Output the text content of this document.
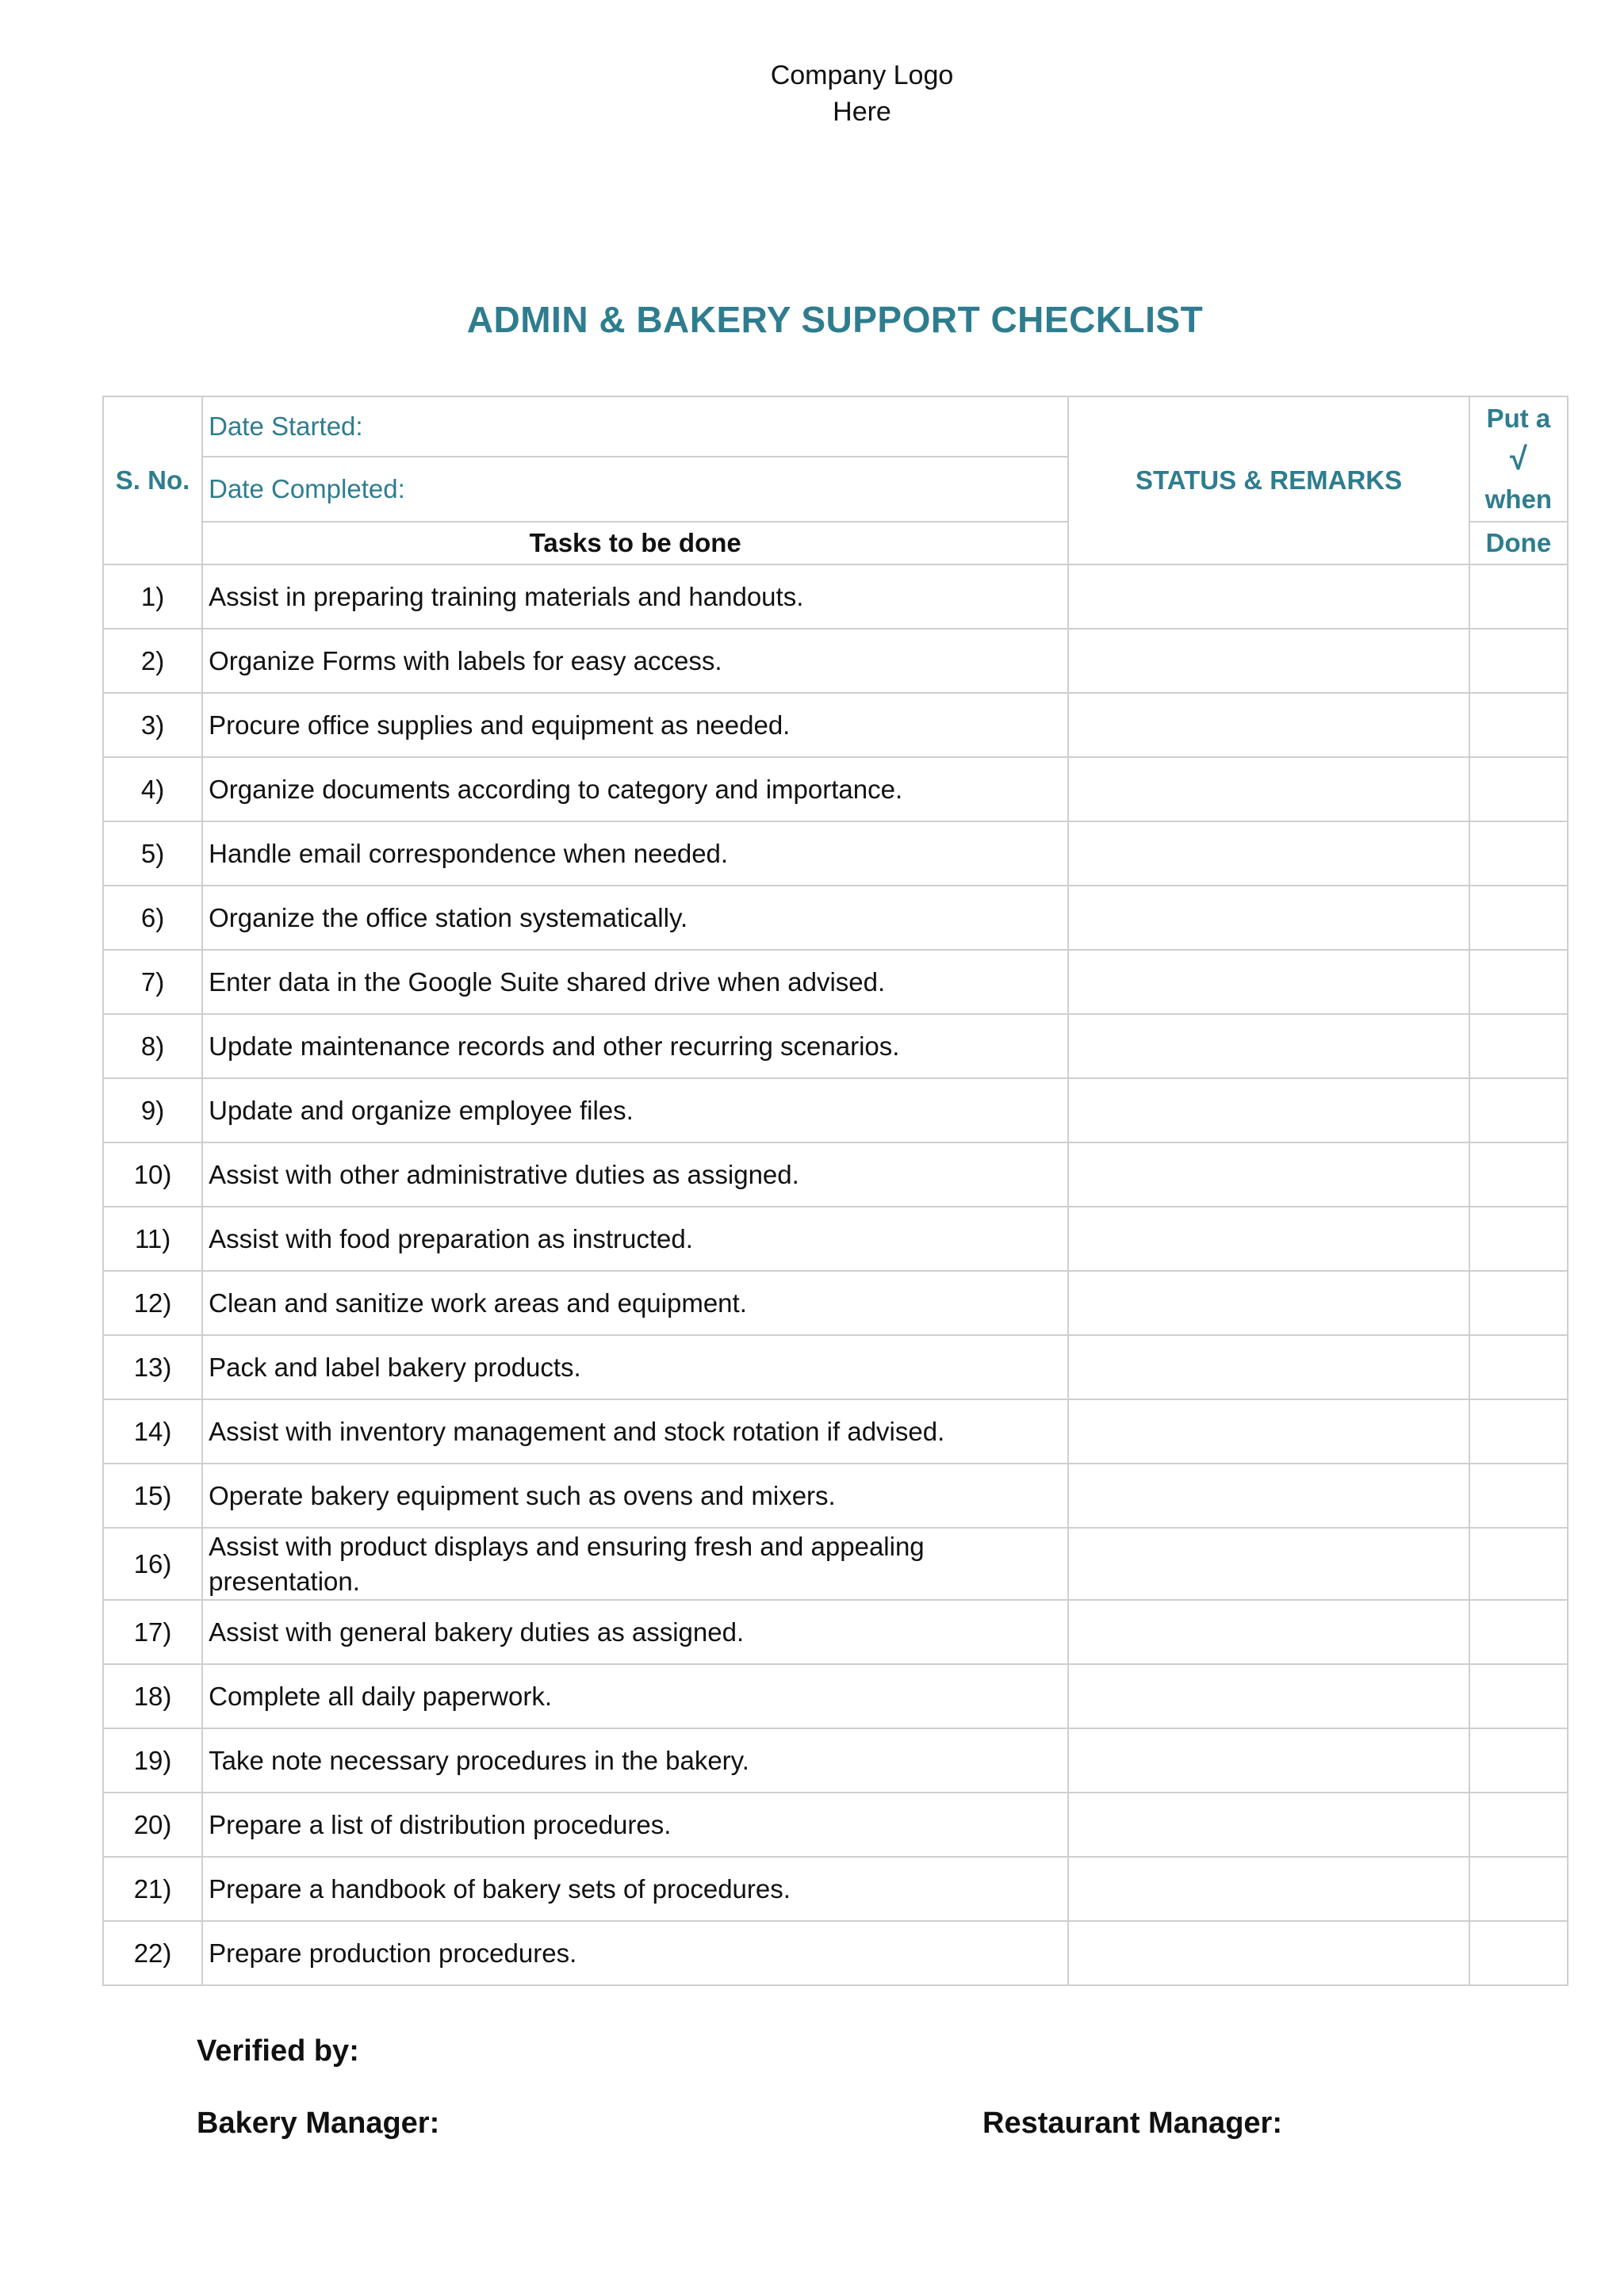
Company Logo
Here
ADMIN & BAKERY SUPPORT CHECKLIST
S. No.	Date Started:	STATUS & REMARKS	Put a
√
when

	Date Completed:		
	Tasks to be done		Done
1)	Assist in preparing training materials and handouts.		
2)	Organize Forms with labels for easy access.		
3)	Procure office supplies and equipment as needed.		
4)	Organize documents according to category and importance.		
5)	Handle email correspondence when needed.		
6)	Organize the office station systematically.		
7)	Enter data in the Google Suite shared drive when advised.		
8)	Update maintenance records and other recurring scenarios.		
9)	Update and organize employee files.		
10)	Assist with other administrative duties as assigned.		
11)	Assist with food preparation as instructed.		
12)	Clean and sanitize work areas and equipment.		
13)	Pack and label bakery products.		
14)	Assist with inventory management and stock rotation if advised.		
15)	Operate bakery equipment such as ovens and mixers.		
16)	Assist with product displays and ensuring fresh and appealing presentation.		
17)	Assist with general bakery duties as assigned.		
18)	Complete all daily paperwork.		
19)	Take note necessary procedures in the bakery.		
20)	Prepare a list of distribution procedures.		
21)	Prepare a handbook of bakery sets of procedures.		
22)	Prepare production procedures.		
Verified by:
Bakery Manager:	Restaurant Manager:
